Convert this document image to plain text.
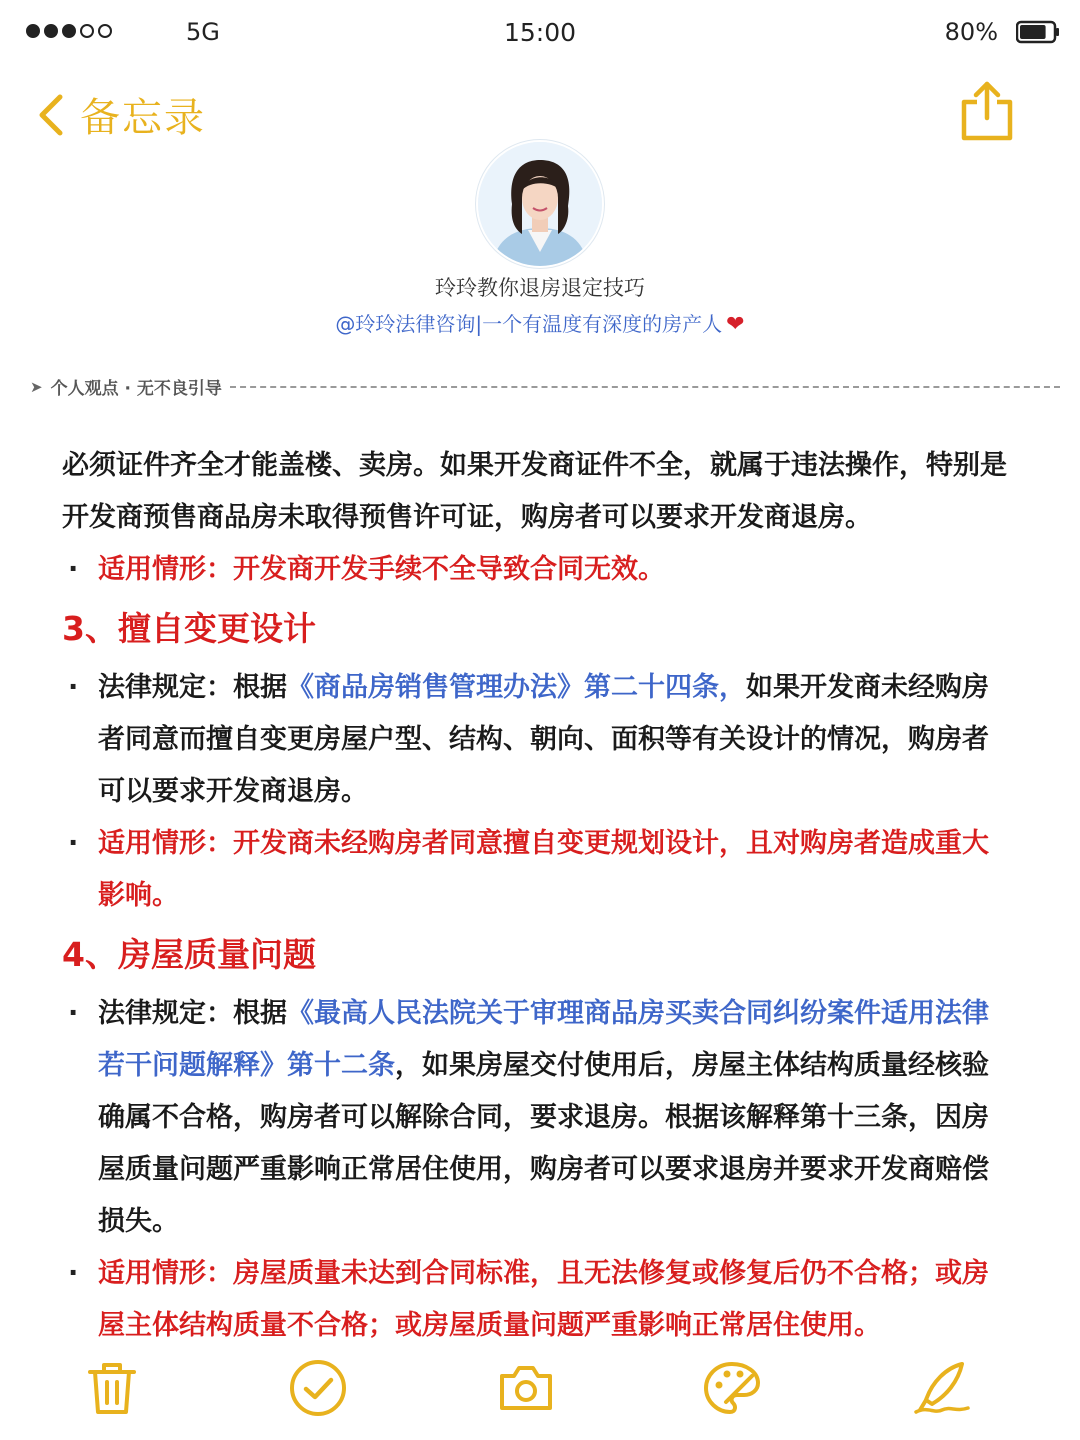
5G	15:00	80%
备忘录
玲玲教你退房退定技巧
@玲玲法律咨询|一个有温度有深度的房产人 ❤
➤ 个人观点 · 无不良引导

必须证件齐全才能盖楼、卖房。如果开发商证件不全，就属于违法操作，特别是开发商预售商品房未取得预售许可证，购房者可以要求开发商退房。

· 适用情形：开发商开发手续不全导致合同无效。

3、擅自变更设计

· 法律规定：根据《商品房销售管理办法》第二十四条，如果开发商未经购房者同意而擅自变更房屋户型、结构、朝向、面积等有关设计的情况，购房者可以要求开发商退房。

· 适用情形：开发商未经购房者同意擅自变更规划设计，且对购房者造成重大影响。

4、房屋质量问题

· 法律规定：根据《最高人民法院关于审理商品房买卖合同纠纷案件适用法律若干问题解释》第十二条，如果房屋交付使用后，房屋主体结构质量经核验确属不合格，购房者可以解除合同，要求退房。根据该解释第十三条，因房屋质量问题严重影响正常居住使用，购房者可以要求退房并要求开发商赔偿损失。

· 适用情形：房屋质量未达到合同标准，且无法修复或修复后仍不合格；或房屋主体结构质量不合格；或房屋质量问题严重影响正常居住使用。
